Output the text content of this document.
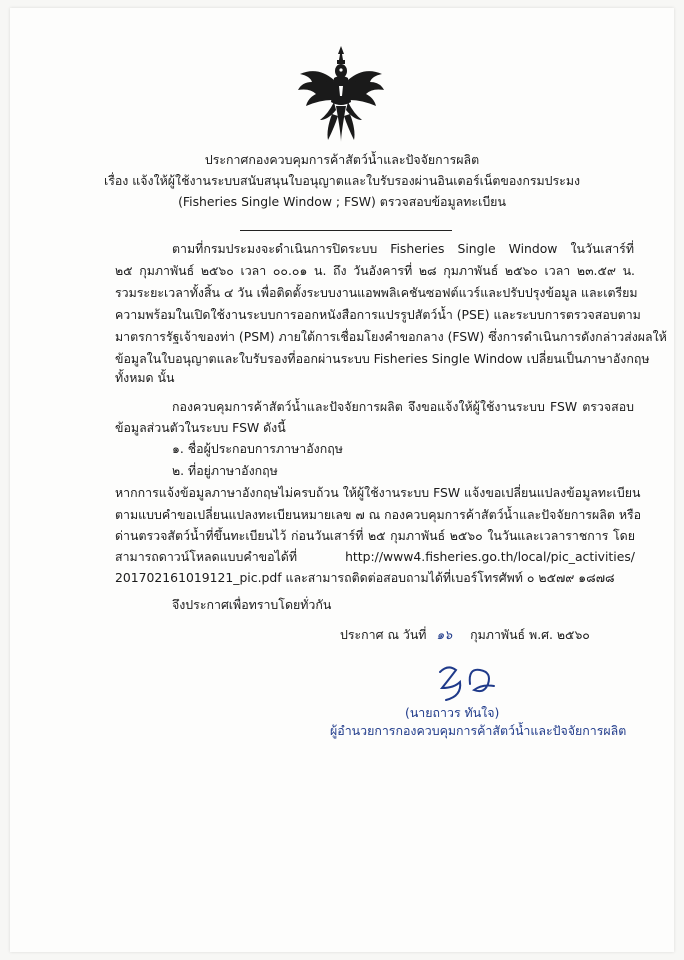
ประกาศกองควบคุมการค้าสัตว์น้ำและปัจจัยการผลิต
เรื่อง แจ้งให้ผู้ใช้งานระบบสนับสนุนใบอนุญาตและใบรับรองผ่านอินเตอร์เน็ตของกรมประมง
(Fisheries Single Window ; FSW) ตรวจสอบข้อมูลทะเบียน
ตามที่กรมประมงจะดำเนินการปิดระบบ Fisheries Single Window ในวันเสาร์ที่
๒๕ กุมภาพันธ์ ๒๕๖๐ เวลา ๐๐.๐๑ น. ถึง วันอังคารที่ ๒๘ กุมภาพันธ์ ๒๕๖๐ เวลา ๒๓.๕๙ น.
รวมระยะเวลาทั้งสิ้น ๔ วัน เพื่อติดตั้งระบบงานแอพพลิเคชันซอฟต์แวร์และปรับปรุงข้อมูล และเตรียม
ความพร้อมในเปิดใช้งานระบบการออกหนังสือการแปรรูปสัตว์น้ำ (PSE) และระบบการตรวจสอบตาม
มาตรการรัฐเจ้าของท่า (PSM) ภายใต้การเชื่อมโยงคำขอกลาง (FSW) ซึ่งการดำเนินการดังกล่าวส่งผลให้
ข้อมูลในใบอนุญาตและใบรับรองที่ออกผ่านระบบ Fisheries Single Window เปลี่ยนเป็นภาษาอังกฤษ
ทั้งหมด นั้น
กองควบคุมการค้าสัตว์น้ำและปัจจัยการผลิต จึงขอแจ้งให้ผู้ใช้งานระบบ FSW ตรวจสอบ
ข้อมูลส่วนตัวในระบบ FSW ดังนี้
๑. ชื่อผู้ประกอบการภาษาอังกฤษ
๒. ที่อยู่ภาษาอังกฤษ
หากการแจ้งข้อมูลภาษาอังกฤษไม่ครบถ้วน ให้ผู้ใช้งานระบบ FSW แจ้งขอเปลี่ยนแปลงข้อมูลทะเบียน
ตามแบบคำขอเปลี่ยนแปลงทะเบียนหมายเลข ๗ ณ กองควบคุมการค้าสัตว์น้ำและปัจจัยการผลิต หรือ
ด่านตรวจสัตว์น้ำที่ขึ้นทะเบียนไว้ ก่อนวันเสาร์ที่ ๒๕ กุมภาพันธ์ ๒๕๖๐ ในวันและเวลาราชการ โดย
สามารถดาวน์โหลดแบบคำขอได้ที่ http://www4.fisheries.go.th/local/pic_activities/
201702161019121_pic.pdf และสามารถติดต่อสอบถามได้ที่เบอร์โทรศัพท์ ๐ ๒๕๗๙ ๑๘๗๘
จึงประกาศเพื่อทราบโดยทั่วกัน
ประกาศ ณ วันที่ ๑๖ กุมภาพันธ์ พ.ศ. ๒๕๖๐
(นายถาวร ทันใจ)
ผู้อำนวยการกองควบคุมการค้าสัตว์น้ำและปัจจัยการผลิต
